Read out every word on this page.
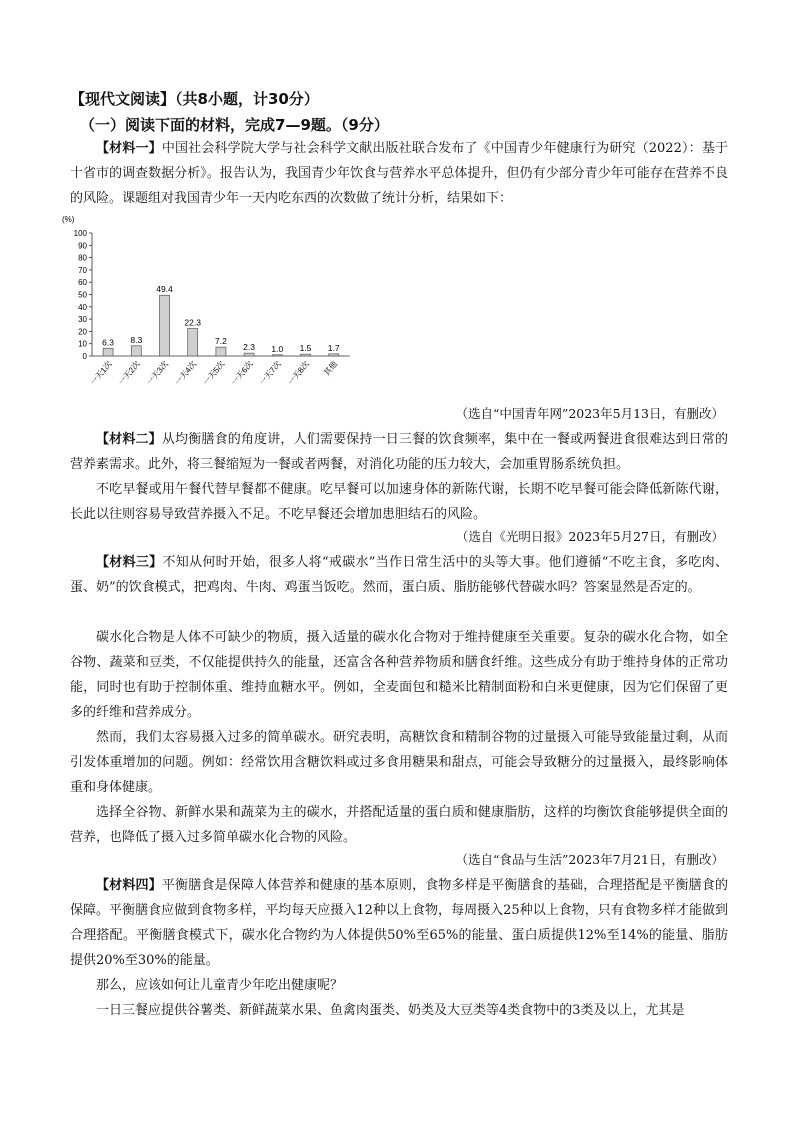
【现代文阅读】（共8小题，计30分）
（一）阅读下面的材料，完成7—9题。（9分）
【材料一】中国社会科学院大学与社会科学文献出版社联合发布了《中国青少年健康行为研究（2022）：基于十省市的调查数据分析》。报告认为，我国青少年饮食与营养水平总体提升，但仍有少部分青少年可能存在营养不良的风险。课题组对我国青少年一天内吃东西的次数做了统计分析，结果如下：
(%)
0
10
20
30
40
50
60
70
80
90
100
6.3
一天1次
8.3
一天2次
49.4
一天3次
22.3
一天4次
7.2
一天5次
2.3
一天6次
1.0
一天7次
1.5
一天8次
1.7
其他
（选自“中国青年网”2023年5月13日，有删改）
【材料二】从均衡膳食的角度讲，人们需要保持一日三餐的饮食频率，集中在一餐或两餐进食很难达到日常的营养素需求。此外，将三餐缩短为一餐或者两餐，对消化功能的压力较大，会加重胃肠系统负担。
不吃早餐或用午餐代替早餐都不健康。吃早餐可以加速身体的新陈代谢，长期不吃早餐可能会降低新陈代谢，长此以往则容易导致营养摄入不足。不吃早餐还会增加患胆结石的风险。
（选自《光明日报》2023年5月27日，有删改）
【材料三】不知从何时开始，很多人将“戒碳水”当作日常生活中的头等大事。他们遵循“不吃主食，多吃肉、蛋、奶”的饮食模式，把鸡肉、牛肉、鸡蛋当饭吃。然而，蛋白质、脂肪能够代替碳水吗？答案显然是否定的。
碳水化合物是人体不可缺少的物质，摄入适量的碳水化合物对于维持健康至关重要。复杂的碳水化合物，如全谷物、蔬菜和豆类，不仅能提供持久的能量，还富含各种营养物质和膳食纤维。这些成分有助于维持身体的正常功能，同时也有助于控制体重、维持血糖水平。例如，全麦面包和糙米比精制面粉和白米更健康，因为它们保留了更多的纤维和营养成分。
然而，我们太容易摄入过多的简单碳水。研究表明，高糖饮食和精制谷物的过量摄入可能导致能量过剩，从而引发体重增加的问题。例如：经常饮用含糖饮料或过多食用糖果和甜点，可能会导致糖分的过量摄入，最终影响体重和身体健康。
选择全谷物、新鲜水果和蔬菜为主的碳水，并搭配适量的蛋白质和健康脂肪，这样的均衡饮食能够提供全面的营养，也降低了摄入过多简单碳水化合物的风险。
（选自“食品与生活”2023年7月21日，有删改）
【材料四】平衡膳食是保障人体营养和健康的基本原则，食物多样是平衡膳食的基础，合理搭配是平衡膳食的保障。平衡膳食应做到食物多样，平均每天应摄入12种以上食物，每周摄入25种以上食物，只有食物多样才能做到合理搭配。平衡膳食模式下，碳水化合物约为人体提供50%至65%的能量、蛋白质提供12%至14%的能量、脂肪提供20%至30%的能量。
那么，应该如何让儿童青少年吃出健康呢？
一日三餐应提供谷薯类、新鲜蔬菜水果、鱼禽肉蛋类、奶类及大豆类等4类食物中的3类及以上，尤其是
